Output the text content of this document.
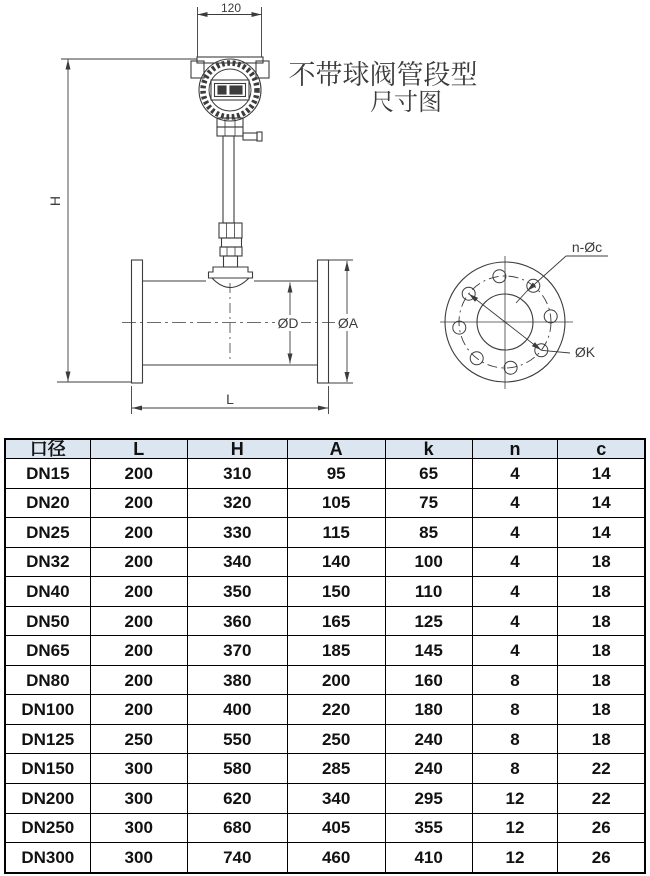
120
H
L
ØD	ØA
n-Øc
ØK
不带球阀管段型
尺寸图
口径	L	H	A	k	n	c
DN15	200	310	95	65	4	14
DN20	200	320	105	75	4	14
DN25	200	330	115	85	4	14
DN32	200	340	140	100	4	18
DN40	200	350	150	110	4	18
DN50	200	360	165	125	4	18
DN65	200	370	185	145	4	18
DN80	200	380	200	160	8	18
DN100	200	400	220	180	8	18
DN125	250	550	250	240	8	18
DN150	300	580	285	240	8	22
DN200	300	620	340	295	12	22
DN250	300	680	405	355	12	26
DN300	300	740	460	410	12	26
